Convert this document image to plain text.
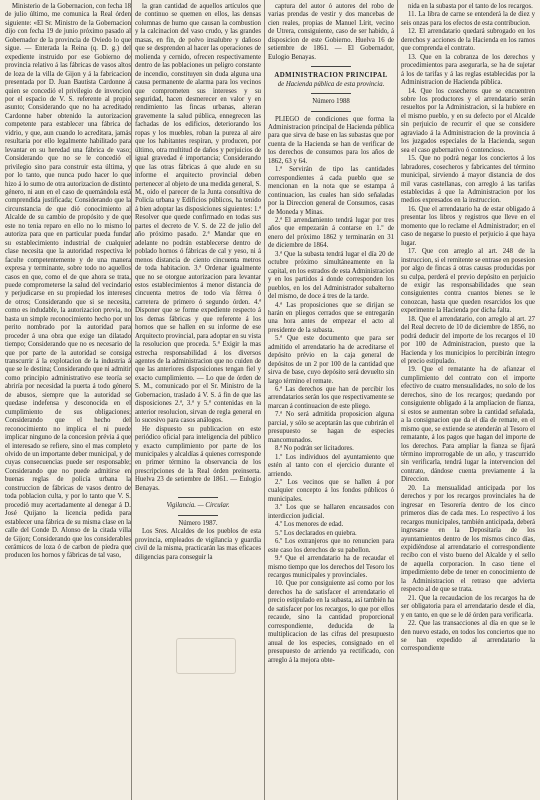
Ministerio de la Gobernacion, con fecha 18 de julio último, me comunica la Real órden siguiente: «El Sr. Ministro de la Gobernacion dijo con fecha 19 de junio próximo pasado al Gobernador de la provincia de Oviedo lo que sigue. — Enterada la Reina (q. D. g.) del expediente instruido por ese Gobierno de provincia relativo á las fábricas de vasos altos de loza de la villa de Gijon y á la fabricacion presentada por D. Juan Bautista Cardonne á quien se concedió el privilegio de invencion por el espacio de V. S. referente al propio asunto; Considerando que no ha acreditado Cardonne haber obtenido la autorizacion competente para establecer una fábrica de vidrio, y que, aun cuando lo acreditara, jamás resultaria por ello legalmente habilitado para levantar en su heredad una fábrica de vaso; Considerando que no se le concedió el privilegio sino para construir esta última, y por lo tanto, que nunca pudo hacer lo que hizo á lo sumo de otra autorizacion de distinto género, ni aun en el caso de quemándola está comprendida justificada; Considerando que la circunstancia de que dió conocimiento al Alcalde de su cambio de propósito y de que este no tenia reparo en ello no lo mismo lo autoriza para que en particular pueda fundar su establecimiento industrial de cualquier clase necesita que la autoridad respectiva le faculte competentemente y de una manera expresa y terminante, sobre todo no aquellos casos en que, como el de que ahora se trata, puede comprometerse la salud del vecindario y perjudicarse en su propiedad los intereses de otros; Considerando que si se necesita, como es indudable, la autorizacion previa, no basta un simple reconocimiento hecho por un perito nombrado por la autoridad para proceder á una obra que exige tan dilatado tiempo; Considerando que no es necesario de que por parte de la autoridad se consiga transcurrir á la explotacion de la industria á que se le destina; Considerando que ni admitir como principio administrativo ese teoría se abriría por necesidad la puerta á todo género de abusos, siempre que la autoridad se quedase indefensa y desconocida en el cumplimiento de sus obligaciones; Considerando que el hecho del reconocimiento no implica el ni puede implicar ninguno de la concesion prévia á que el interesado se refiere, sino el mas completo olvido de un importante deber municipal, y de cuyas consecuencias puede ser responsable; Considerando que no puede admitirse en buenas reglas de policía urbana la construccion de fábricas de vasos dentro de toda poblacion culta, y por lo tanto que V. S. procedió muy acertadamente al denegar á D. José Quijano la licencia pedida para establecer una fábrica de su misma clase en la calle del Conde D. Alonso de la citada villa de Gijon; Considerando que los considerables cerámicos de loza ó de carbon de piedra que producen los hornos y fábricas de tal vaso,

la gran cantidad de aquellos artículos que de continuo se quemen en ellos, las densas columnas de humo que causan la combustion y la calcinacion del vaso crudo, y las grandes masas, en fin, de polvo insalubre y dañoso que se desprenden al hacer las operaciones de molienda y cernido, ofrecen respectivamente dentro de las poblaciones un peligro constante de incendio, constituyen sin duda alguna una causa permanente de alarma para los vecinos que comprometen sus intereses y su seguridad, hacen desmerecer en valor y en rendimiento las fincas urbanas, alteran gravemente la salud pública, ennegrecen las fachadas de los edificios, deteriorando los ropas y los muebles, roban la pureza al aire que los habitantes respiran, y producen, por último, otra multitud de daños y perjuicios de igual gravedad é importancia; Considerando que las otras fábricas á que alude en su informe el arquitecto provincial deben pertenecer al objeto de una medida general, S. M., oido el parecer de la Junta consultiva de Policía urbana y Edificios públicos, ha tenido á bien adoptar las disposiciones siguientes: 1.ª Resolver que quede confirmado en todas sus partes el decreto de V. S. de 22 de julio del año próximo pasado. 2.ª Mandar que en adelante no podrán establecerse dentro de poblado hornos ó fábricas de cal y yeso, ni á menos distancia de ciento cincuenta metros de toda habitacion. 3.ª Ordenar igualmente que no se otorgue autorizacion para levantar estos establecimientos á menor distancia de cincuenta metros de todo vía férrea ó carretera de primero ó segundo órden. 4.ª Disponer que se forme expediente respecto á los demas fábricas y que referente á los hornos que se hallen en su informe de ese Arquitecto provincial, para adoptar en su vista la resolucion que proceda. 5.ª Exigir la mas estrecha responsabilidad á los diversos agentes de la administracion que no cuiden de que las anteriores disposiciones tengan fiel y exacto cumplimiento. — Lo que de órden de S. M., comunicado por el Sr. Ministro de la Gobernacion, traslado á V. S. á fin de que las disposiciones 2.ª, 3.ª y 5.ª contenidas en la anterior resolucion, sirvan de regla general en lo sucesivo para casos análogos.

He dispuesto su publicacion en este periódico oficial para inteligencia del público y exacto cumplimiento por parte de los municipales y alcaldías á quienes corresponde en primer término la observancia de los prescripciones de la Real órden preinserta. Huelva 23 de setiembre de 1861. — Eulogio Benayas.

Vigilancia. — Circular.

Número 1987.

Los Sres. Alcaldes de los pueblos de esta provincia, empleados de vigilancia y guardia civil de la misma, practicarán las mas eficaces diligencias para conseguir la

captura del autor ó autores del robo de varias prendas de vestir y dos mancebas de cien reales, propias de Manuel Lírit, vecino de Utrera, consiguiente, caso de ser habido, á disposicion de este Gobierno. Huelva 16 de setiembre de 1861. — El Gobernador, Eulogio Benayas.

ADMINISTRACION PRINCIPAL

de Hacienda pública de esta provincia.

Número 1988

PLIEGO de condiciones que forma la Administracion principal de Hacienda pública para que sirva de base en las subastas que por cuenta de la Hacienda se han de verificar de los derechos de consumos para los años de 1862, 63 y 64.

1.ª Servirán de tipo las cantidades correspondientes á cada pueblo que se mencionan en la nota que se estampa á continuacion, las cuales han sido señaladas por la Direccion general de Consumos, casas de Moneda y Minas.

2.ª El arrendamiento tendrá lugar por tres años que empezarán á contarse en 1.º de enero del próximo 1862 y terminarán en 31 de diciembre de 1864.

3.ª Que la subasta tendrá lugar el día 20 de octubre próximo simultáneamente en la capital, en los estrados de esta Administracion y en los partidos á donde corresponden los pueblos, en los del Administrador subalterno del mismo, de doce á tres de la tarde.

4.ª Las proposiciones que se dirijan se harán en pliegos cerrados que se entregarán una hora antes de empezar el acto al presidente de la subasta.

5.ª Que este documento que para ser admitido el arrendatario ha de acreditarse el depósito prévio en la caja general de depósitos de un 2 por 100 de la cantidad que sirva de base, cuyo depósito será devuelto sin largo término el remate.

6.ª Las derechos que han de percibir los arrendatarios serán los que respectivamente se marcan á continuacion de este pliego.

7.ª No será admitida proposicion alguna parcial, y sólo se aceptarán las que cubrirán el presupuesto se hagan de especies mancomunados.

8.ª No podrán ser licitadores.

1.º Los individuos del ayuntamiento que estén al tanto con el ejercicio durante el arriendo.

2.º Los vecinos que se hallen á por cualquier concepto á los fondos públicos ó municipales.

3.º Los que se hallaren encausados con interdiccion judicial.

4.º Los menores de edad.

5.º Los declarados en quiebra.

6.º Los extranjeros que no renuncien para este caso los derechos de su pabellon.

9.ª Que el arrendatario ha de recaudar el mismo tiempo que los derechos del Tesoro los recargos municipales y provinciales.

10. Que por consiguiente así como por los derechos ha de satisfacer el arrendatario el precio estipulado en la subasta, así también ha de satisfacer por los recargos, lo que por ellos recaude, sino la cantidad proporcional correspondiente, deducida de la multiplicacion de las cifras del presupuesto anual de los especies, consignado en el presupuesto de arriendo ya rectificado, con arreglo á la mejora obte-

nida en la subasta por el tanto de los recargos.

11. La libra de carne se entenderá la de diez y seis onzas para los efectos de esta contribucion.

12. El arrendatario quedará subrogado en los derechos y acciones de la Hacienda en los ramos que comprenda el contrato.

13. Que en la cobranza de los derechos y procedimientos para asegurarla, se ha de sujetar á los de tarifas y á las reglas establecidas por la Administracion de Hacienda pública.

14. Que los cosecheros que se encuentren sobre los productores y el arrendatario serán resueltos por la Administracion, si la hubiere en el mismo pueblo, y en su defecto por el Alcalde sin perjuicio de recurrir el que se considere agraviado á la Administracion de la provincia á los juzgados especiales de la Hacienda, segun sea el caso gubernativo ó contencioso.

15. Que no podrá negar los conciertos á los labradores, cosecheros y fabricantes del término municipal, sirviendo á mayor distancia de dos mil varas castellanas, con arreglo á las tarifas establecidas á que la Administracion por los medios expresados en la instruccion.

16. Que el arrendatario ha de estar obligado á presentar los libros y registros que lleve en el momento que lo reclame el Administrador; en el caso de negarse lo puesto el perjuicio á que haya lugar.

17. Que con arreglo al art. 248 de la instruccion, si el remitente se entrase en posesion por algo de fincas á otras causas producidas por su culpa, perderá el previo depósito en perjuicio de exigir las responsabilidades que sean consiguientes contra cuantos bienes se le conozcan, hasta que queden resarcidos los que experimente la Hacienda por dicha falta.

18. Que el arrendatario, con arreglo al art. 27 del Real decreto de 10 de diciembre de 1856, no podrá deducir del importe de los recargos el 10 por 100 de Administracion, puesto que la Hacienda y los municipios lo percibirán íntegro el precio estipulado.

19. Que el rematante ha de afianzar el cumplimiento del contrato con el importe efectivo de cuatro mensualidades, no solo de los derechos, sino de los recargos; quedando por consiguiente obligado á la ampliacion de fianza, si estos se aumentan sobre la cantidad señalada, a la consignacion que da el día de remate, en el mismo que, se extiende se atenderán al Tesoro el rematante, á los pagos que hagan del importe de los derechos. Para ampliar la fianza se fijará término improrrogable de un año, y trascurrido sin verificarla, tendrá lugar la intervencion del contrato, dándose cuenta previamente á la Direccion.

20. La mensualidad anticipada por los derechos y por los recargos provinciales ha de ingresar en Tesorería dentro de los cinco primeros días de cada mes. Lo respectivo á los recargos municipales, también anticipada, deberá ingresarse en la Depositaría de los ayuntamientos dentro de los mismos cinco días, expidiéndose al arrendatario el correspondiente recibo con el visto bueno del Alcalde y el sello de aquella corporacion. In caso tiene el impedimiento debe de tener en conocimiento de la Administracion el retraso que advierta respecto al de que se trata.

21. Que la recaudacion de los recargos ha de ser obligatoria para el arrendatario desde el día, y en tanto, en que se le dé órden para verificarla.

22. Que las transacciones al día en que se le den nuevo estado, en todos los conciertos que no se han expedido al arrendatario la correspondiente
